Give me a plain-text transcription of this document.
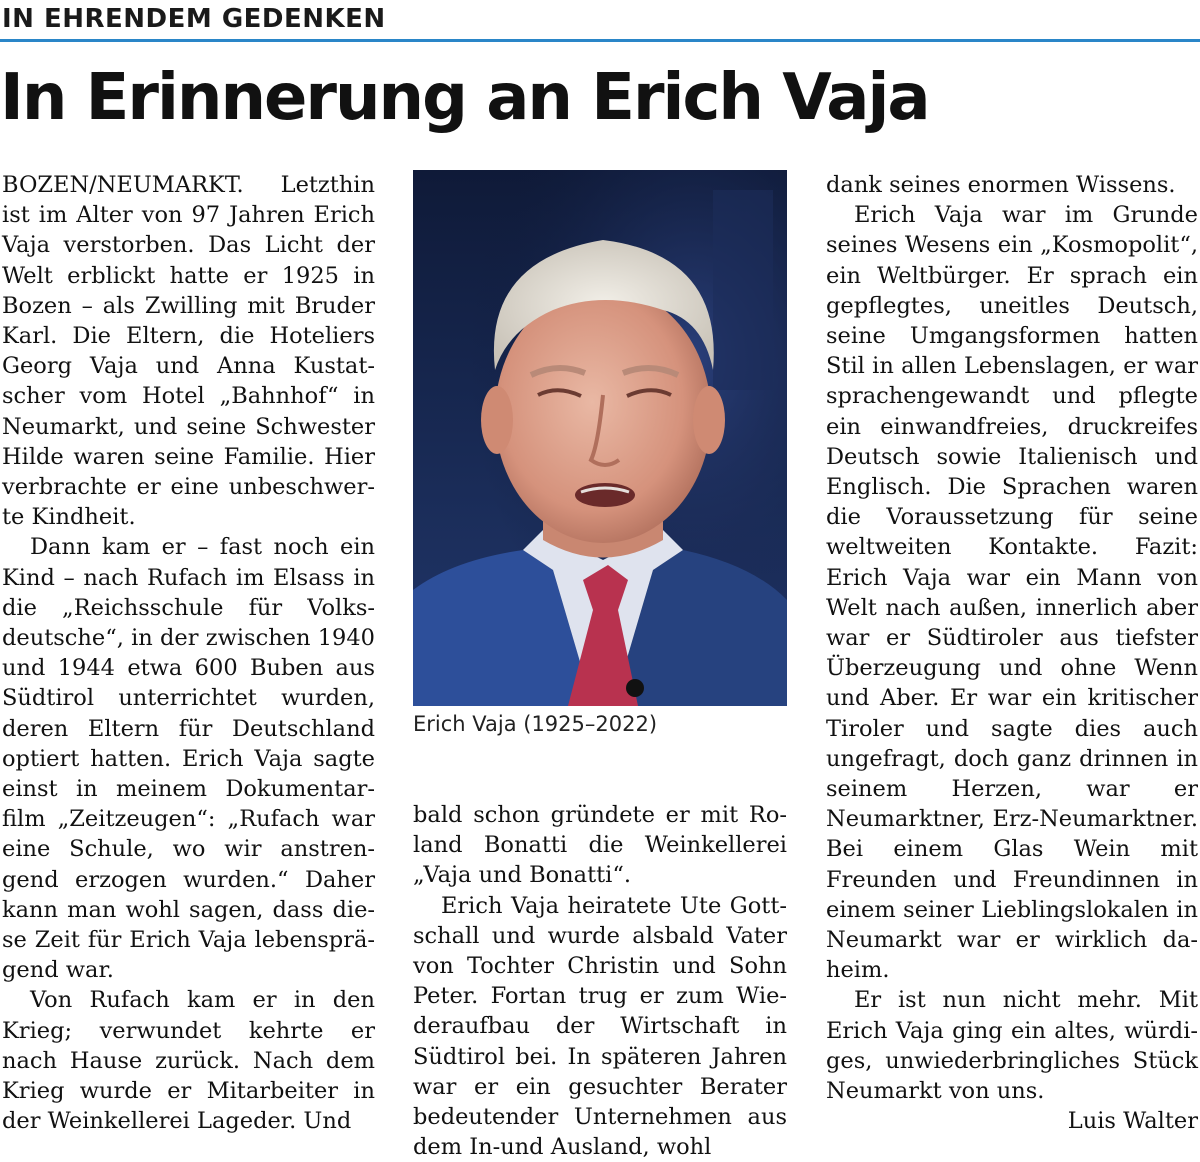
IN EHRENDEM GEDENKEN
In Erinnerung an Erich Vaja

BOZEN/NEUMARKT. Letzthin ist im Alter von 97 Jahren Erich Vaja verstorben. Das Licht der Welt erblickt hatte er 1925 in Bozen – als Zwilling mit Bruder Karl. Die Eltern, die Hoteliers Georg Vaja und Anna Kustatscher vom Hotel „Bahnhof“ in Neumarkt, und seine Schwester Hilde waren seine Familie. Hier verbrachte er eine unbeschwerte Kindheit.

Dann kam er – fast noch ein Kind – nach Rufach im Elsass in die „Reichsschule für Volksdeutsche“, in der zwischen 1940 und 1944 etwa 600 Buben aus Südtirol unterrichtet wurden, deren Eltern für Deutschland optiert hatten. Erich Vaja sagte einst in meinem Dokumentarfilm „Zeitzeugen“: „Rufach war eine Schule, wo wir anstrengend erzogen wurden.“ Daher kann man wohl sagen, dass diese Zeit für Erich Vaja lebensprägend war.

Von Rufach kam er in den Krieg; verwundet kehrte er nach Hause zurück. Nach dem Krieg wurde er Mitarbeiter in der Weinkellerei Lageder. Und

Erich Vaja (1925–2022)

bald schon gründete er mit Roland Bonatti die Weinkellerei „Vaja und Bonatti“.

Erich Vaja heiratete Ute Gottschall und wurde alsbald Vater von Tochter Christin und Sohn Peter. Fortan trug er zum Wiederaufbau der Wirtschaft in Südtirol bei. In späteren Jahren war er ein gesuchter Berater bedeutender Unternehmen aus dem In-und Ausland, wohl

dank seines enormen Wissens.

Erich Vaja war im Grunde seines Wesens ein „Kosmopolit“, ein Weltbürger. Er sprach ein gepflegtes, uneitles Deutsch, seine Umgangsformen hatten Stil in allen Lebenslagen, er war sprachengewandt und pflegte ein einwandfreies, druckreifes Deutsch sowie Italienisch und Englisch. Die Sprachen waren die Voraussetzung für seine weltweiten Kontakte. Fazit: Erich Vaja war ein Mann von Welt nach außen, innerlich aber war er Südtiroler aus tiefster Überzeugung und ohne Wenn und Aber. Er war ein kritischer Tiroler und sagte dies auch ungefragt, doch ganz drinnen in seinem Herzen, war er Neumarktner, Erz-Neumarktner. Bei einem Glas Wein mit Freunden und Freundinnen in einem seiner Lieblingslokalen in Neumarkt war er wirklich daheim.

Er ist nun nicht mehr. Mit Erich Vaja ging ein altes, würdiges, unwiederbringliches Stück Neumarkt von uns.

Luis Walter
